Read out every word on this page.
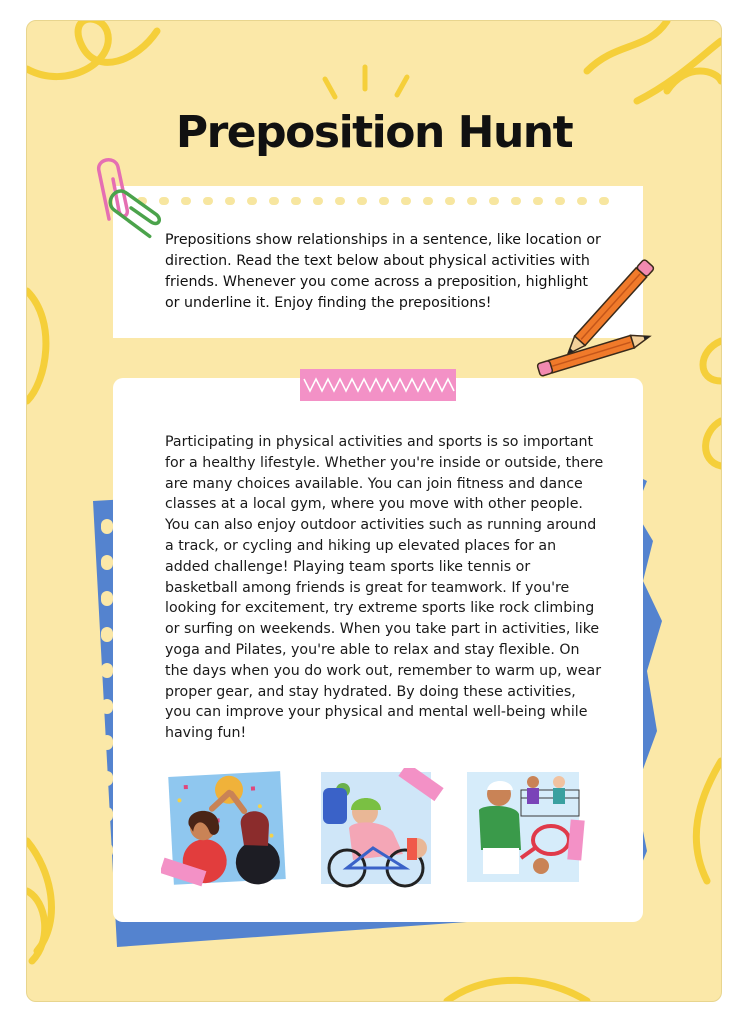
Preposition Hunt

Prepositions show relationships in a sentence, like location or direction. Read the text below about physical activities with friends. Whenever you come across a preposition, highlight or underline it. Enjoy finding the prepositions!

Participating in physical activities and sports is so important for a healthy lifestyle. Whether you're inside or outside, there are many choices available. You can join fitness and dance classes at a local gym, where you move with other people. You can also enjoy outdoor activities such as running around a track, or cycling and hiking up elevated places for an added challenge! Playing team sports like tennis or basketball among friends is great for teamwork. If you're looking for excitement, try extreme sports like rock climbing or surfing on weekends. When you take part in activities, like yoga and Pilates, you're able to relax and stay flexible. On the days when you do work out, remember to warm up, wear proper gear, and stay hydrated. By doing these activities, you can improve your physical and mental well-being while having fun!
